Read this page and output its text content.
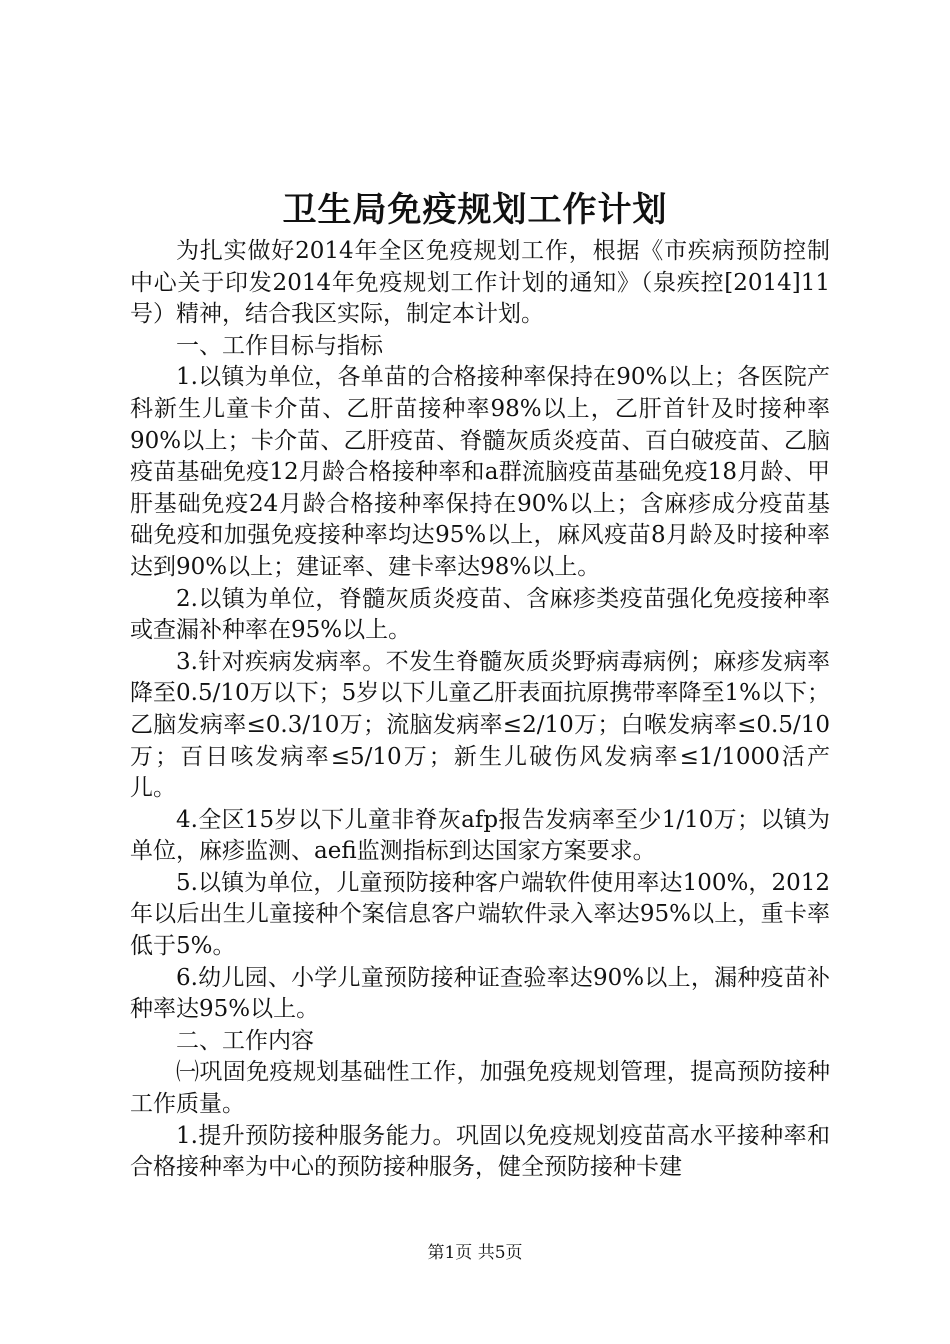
卫生局免疫规划工作计划

为扎实做好2014年全区免疫规划工作，根据《市疾病预防控制中心关于印发2014年免疫规划工作计划的通知》（泉疾控[2014]11号）精神，结合我区实际，制定本计划。

一、工作目标与指标

1.以镇为单位，各单苗的合格接种率保持在90%以上；各医院产科新生儿童卡介苗、乙肝苗接种率98%以上，乙肝首针及时接种率90%以上；卡介苗、乙肝疫苗、脊髓灰质炎疫苗、百白破疫苗、乙脑疫苗基础免疫12月龄合格接种率和a群流脑疫苗基础免疫18月龄、甲肝基础免疫24月龄合格接种率保持在90%以上；含麻疹成分疫苗基础免疫和加强免疫接种率均达95%以上，麻风疫苗8月龄及时接种率达到90%以上；建证率、建卡率达98%以上。

2.以镇为单位，脊髓灰质炎疫苗、含麻疹类疫苗强化免疫接种率或查漏补种率在95%以上。

3.针对疾病发病率。不发生脊髓灰质炎野病毒病例；麻疹发病率降至0.5/10万以下；5岁以下儿童乙肝表面抗原携带率降至1%以下；乙脑发病率≤0.3/10万；流脑发病率≤2/10万；白喉发病率≤0.5/10万；百日咳发病率≤5/10万；新生儿破伤风发病率≤1/1000活产儿。

4.全区15岁以下儿童非脊灰afp报告发病率至少1/10万；以镇为单位，麻疹监测、aefi监测指标到达国家方案要求。

5.以镇为单位，儿童预防接种客户端软件使用率达100%，2012年以后出生儿童接种个案信息客户端软件录入率达95%以上，重卡率低于5%。

6.幼儿园、小学儿童预防接种证查验率达90%以上，漏种疫苗补种率达95%以上。

二、工作内容

㈠巩固免疫规划基础性工作，加强免疫规划管理，提高预防接种工作质量。

1.提升预防接种服务能力。巩固以免疫规划疫苗高水平接种率和合格接种率为中心的预防接种服务，健全预防接种卡建

第1页 共5页
